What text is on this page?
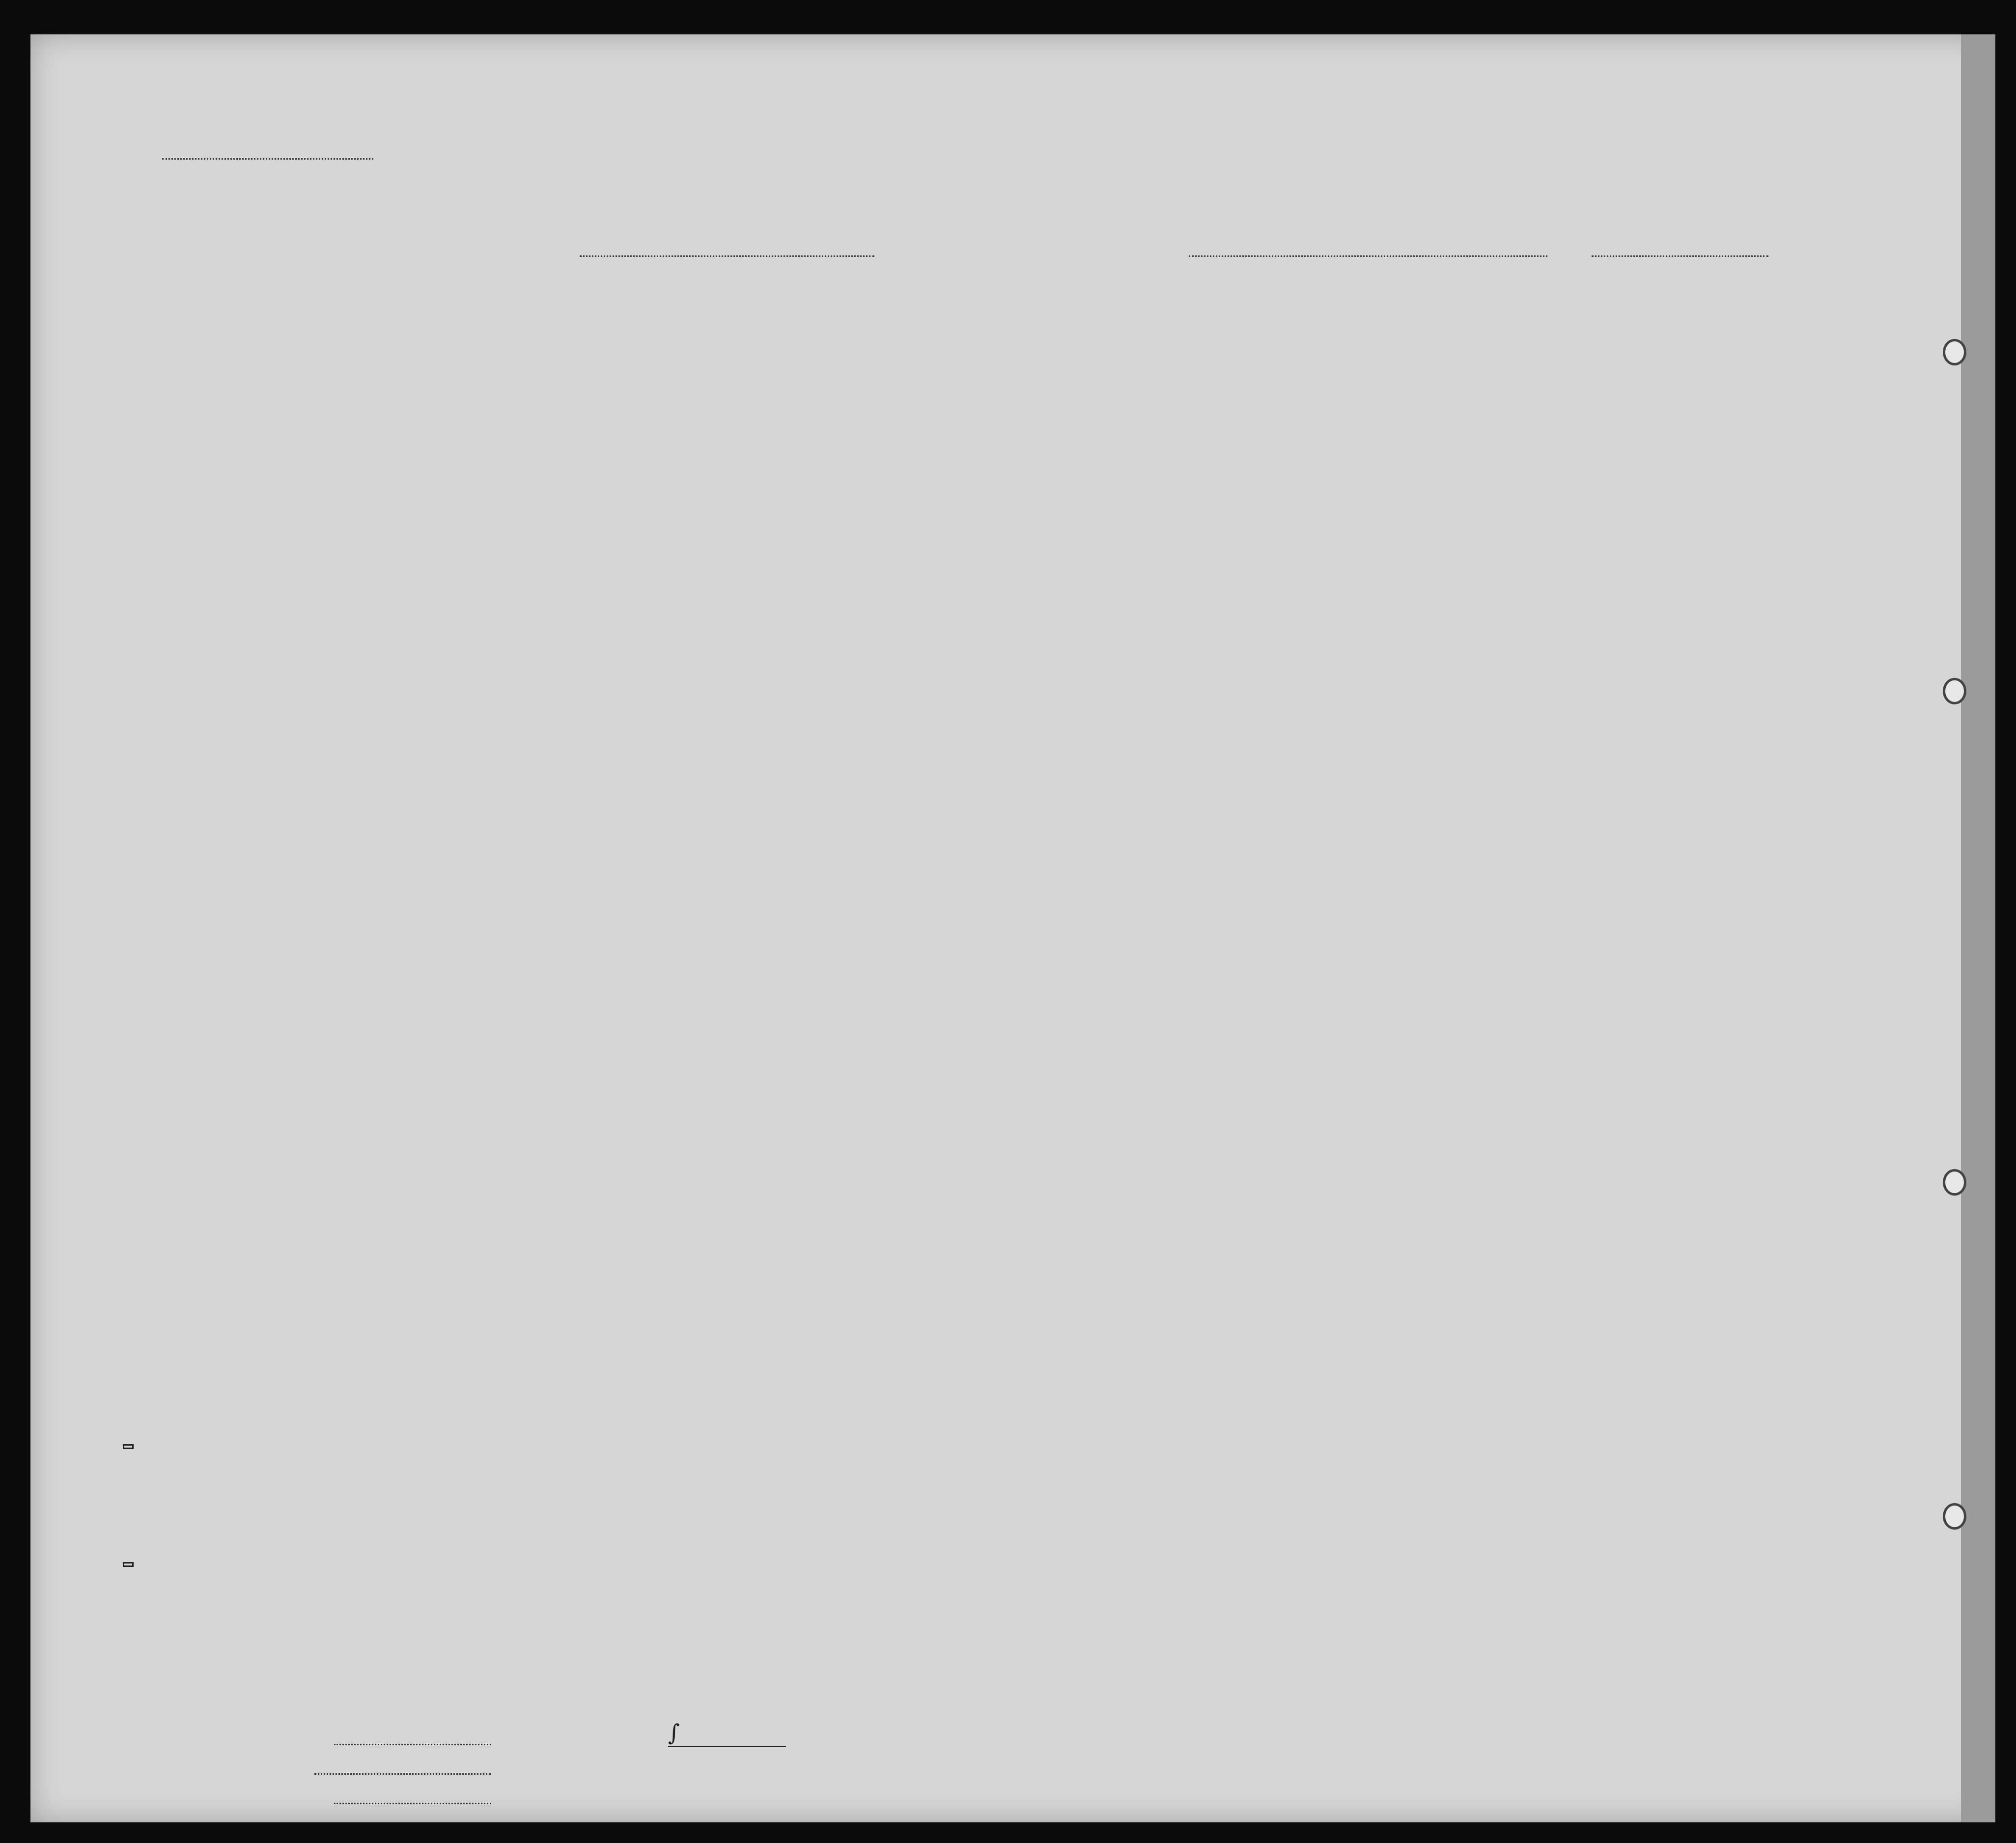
∫
